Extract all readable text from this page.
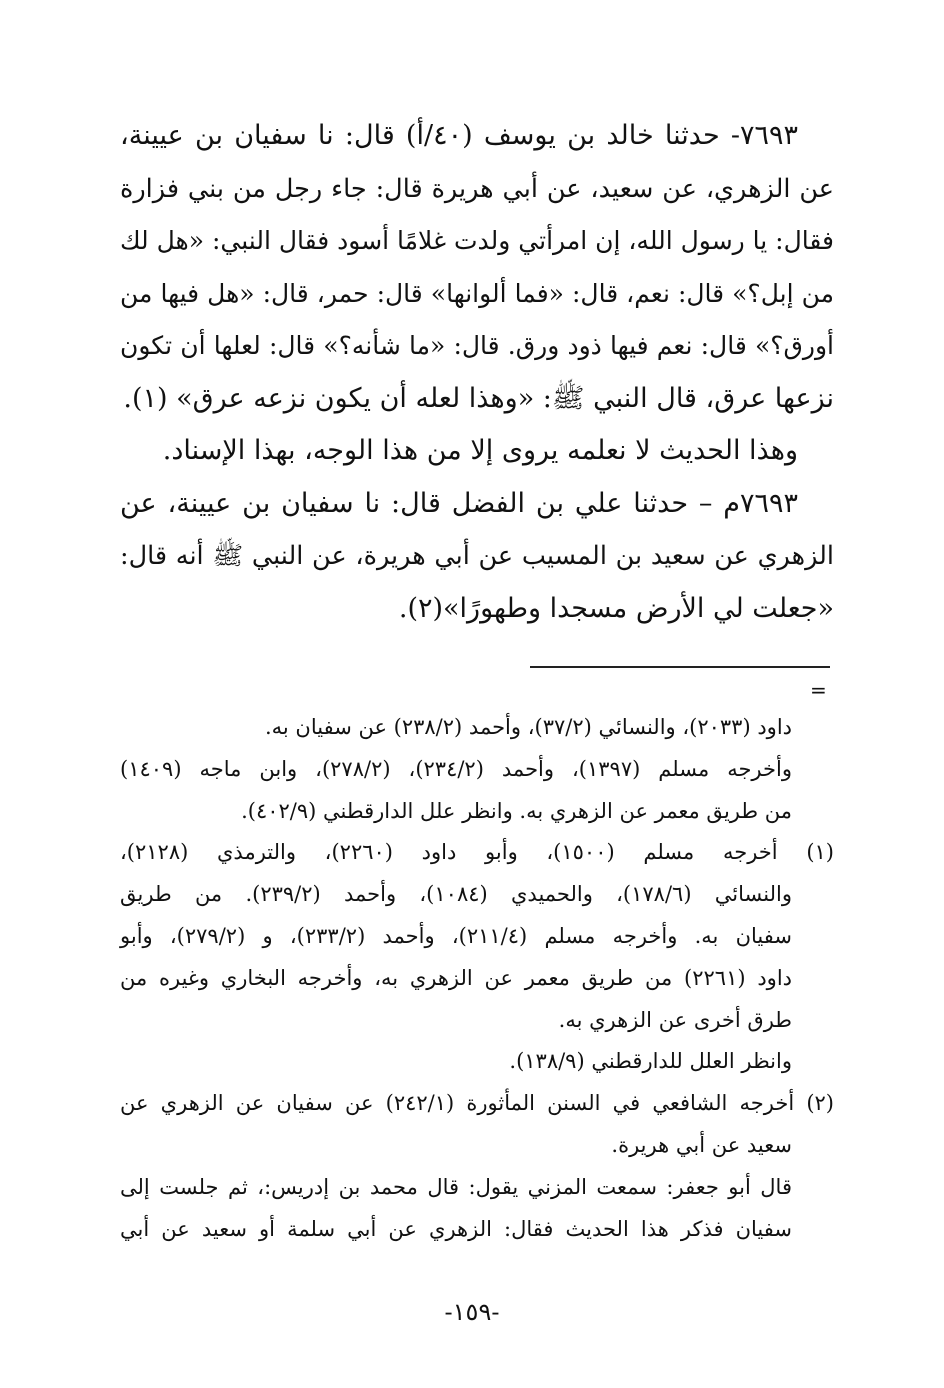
٧٦٩٣- حدثنا خالد بن يوسف (٤٠/أ) قال: نا سفيان بن عيينة،
عن الزهري، عن سعيد، عن أبي هريرة قال: جاء رجل من بني فزارة
فقال: يا رسول الله، إن امرأتي ولدت غلامًا أسود فقال النبي: «هل لك
من إبل؟» قال: نعم، قال: «فما ألوانها» قال: حمر، قال: «هل فيها من
أورق؟» قال: نعم فيها ذود ورق. قال: «ما شأنه؟» قال: لعلها أن تكون
نزعها عرق، قال النبي ﷺ: «وهذا لعله أن يكون نزعه عرق» (١).
وهذا الحديث لا نعلمه يروى إلا من هذا الوجه، بهذا الإسناد.
٧٦٩٣م – حدثنا علي بن الفضل قال: نا سفيان بن عيينة، عن
الزهري عن سعيد بن المسيب عن أبي هريرة، عن النبي ﷺ أنه قال:
«جعلت لي الأرض مسجدا وطهورًا»(٢).
=
داود (٢٠٣٣)، والنسائي (٣٧/٢)، وأحمد (٢٣٨/٢) عن سفيان به.
وأخرجه مسلم (١٣٩٧)، وأحمد (٢٣٤/٢)، (٢٧٨/٢)، وابن ماجه (١٤٠٩)
من طريق معمر عن الزهري به. وانظر علل الدارقطني (٤٠٢/٩).
(١) أخرجه مسلم (١٥٠٠)، وأبو داود (٢٢٦٠)، والترمذي (٢١٢٨)،
والنسائي (١٧٨/٦)، والحميدي (١٠٨٤)، وأحمد (٢٣٩/٢). من طريق
سفيان به. وأخرجه مسلم (٢١١/٤)، وأحمد (٢٣٣/٢)، و (٢٧٩/٢)، وأبو
داود (٢٢٦١) من طريق معمر عن الزهري به، وأخرجه البخاري وغيره من
طرق أخرى عن الزهري به.
وانظر العلل للدارقطني (١٣٨/٩).
(٢) أخرجه الشافعي في السنن المأثورة (٢٤٢/١) عن سفيان عن الزهري عن
سعيد عن أبي هريرة.
قال أبو جعفر: سمعت المزني يقول: قال محمد بن إدريس:، ثم جلست إلى
سفيان فذكر هذا الحديث فقال: الزهري عن أبي سلمة أو سعيد عن أبي
-١٥٩-
